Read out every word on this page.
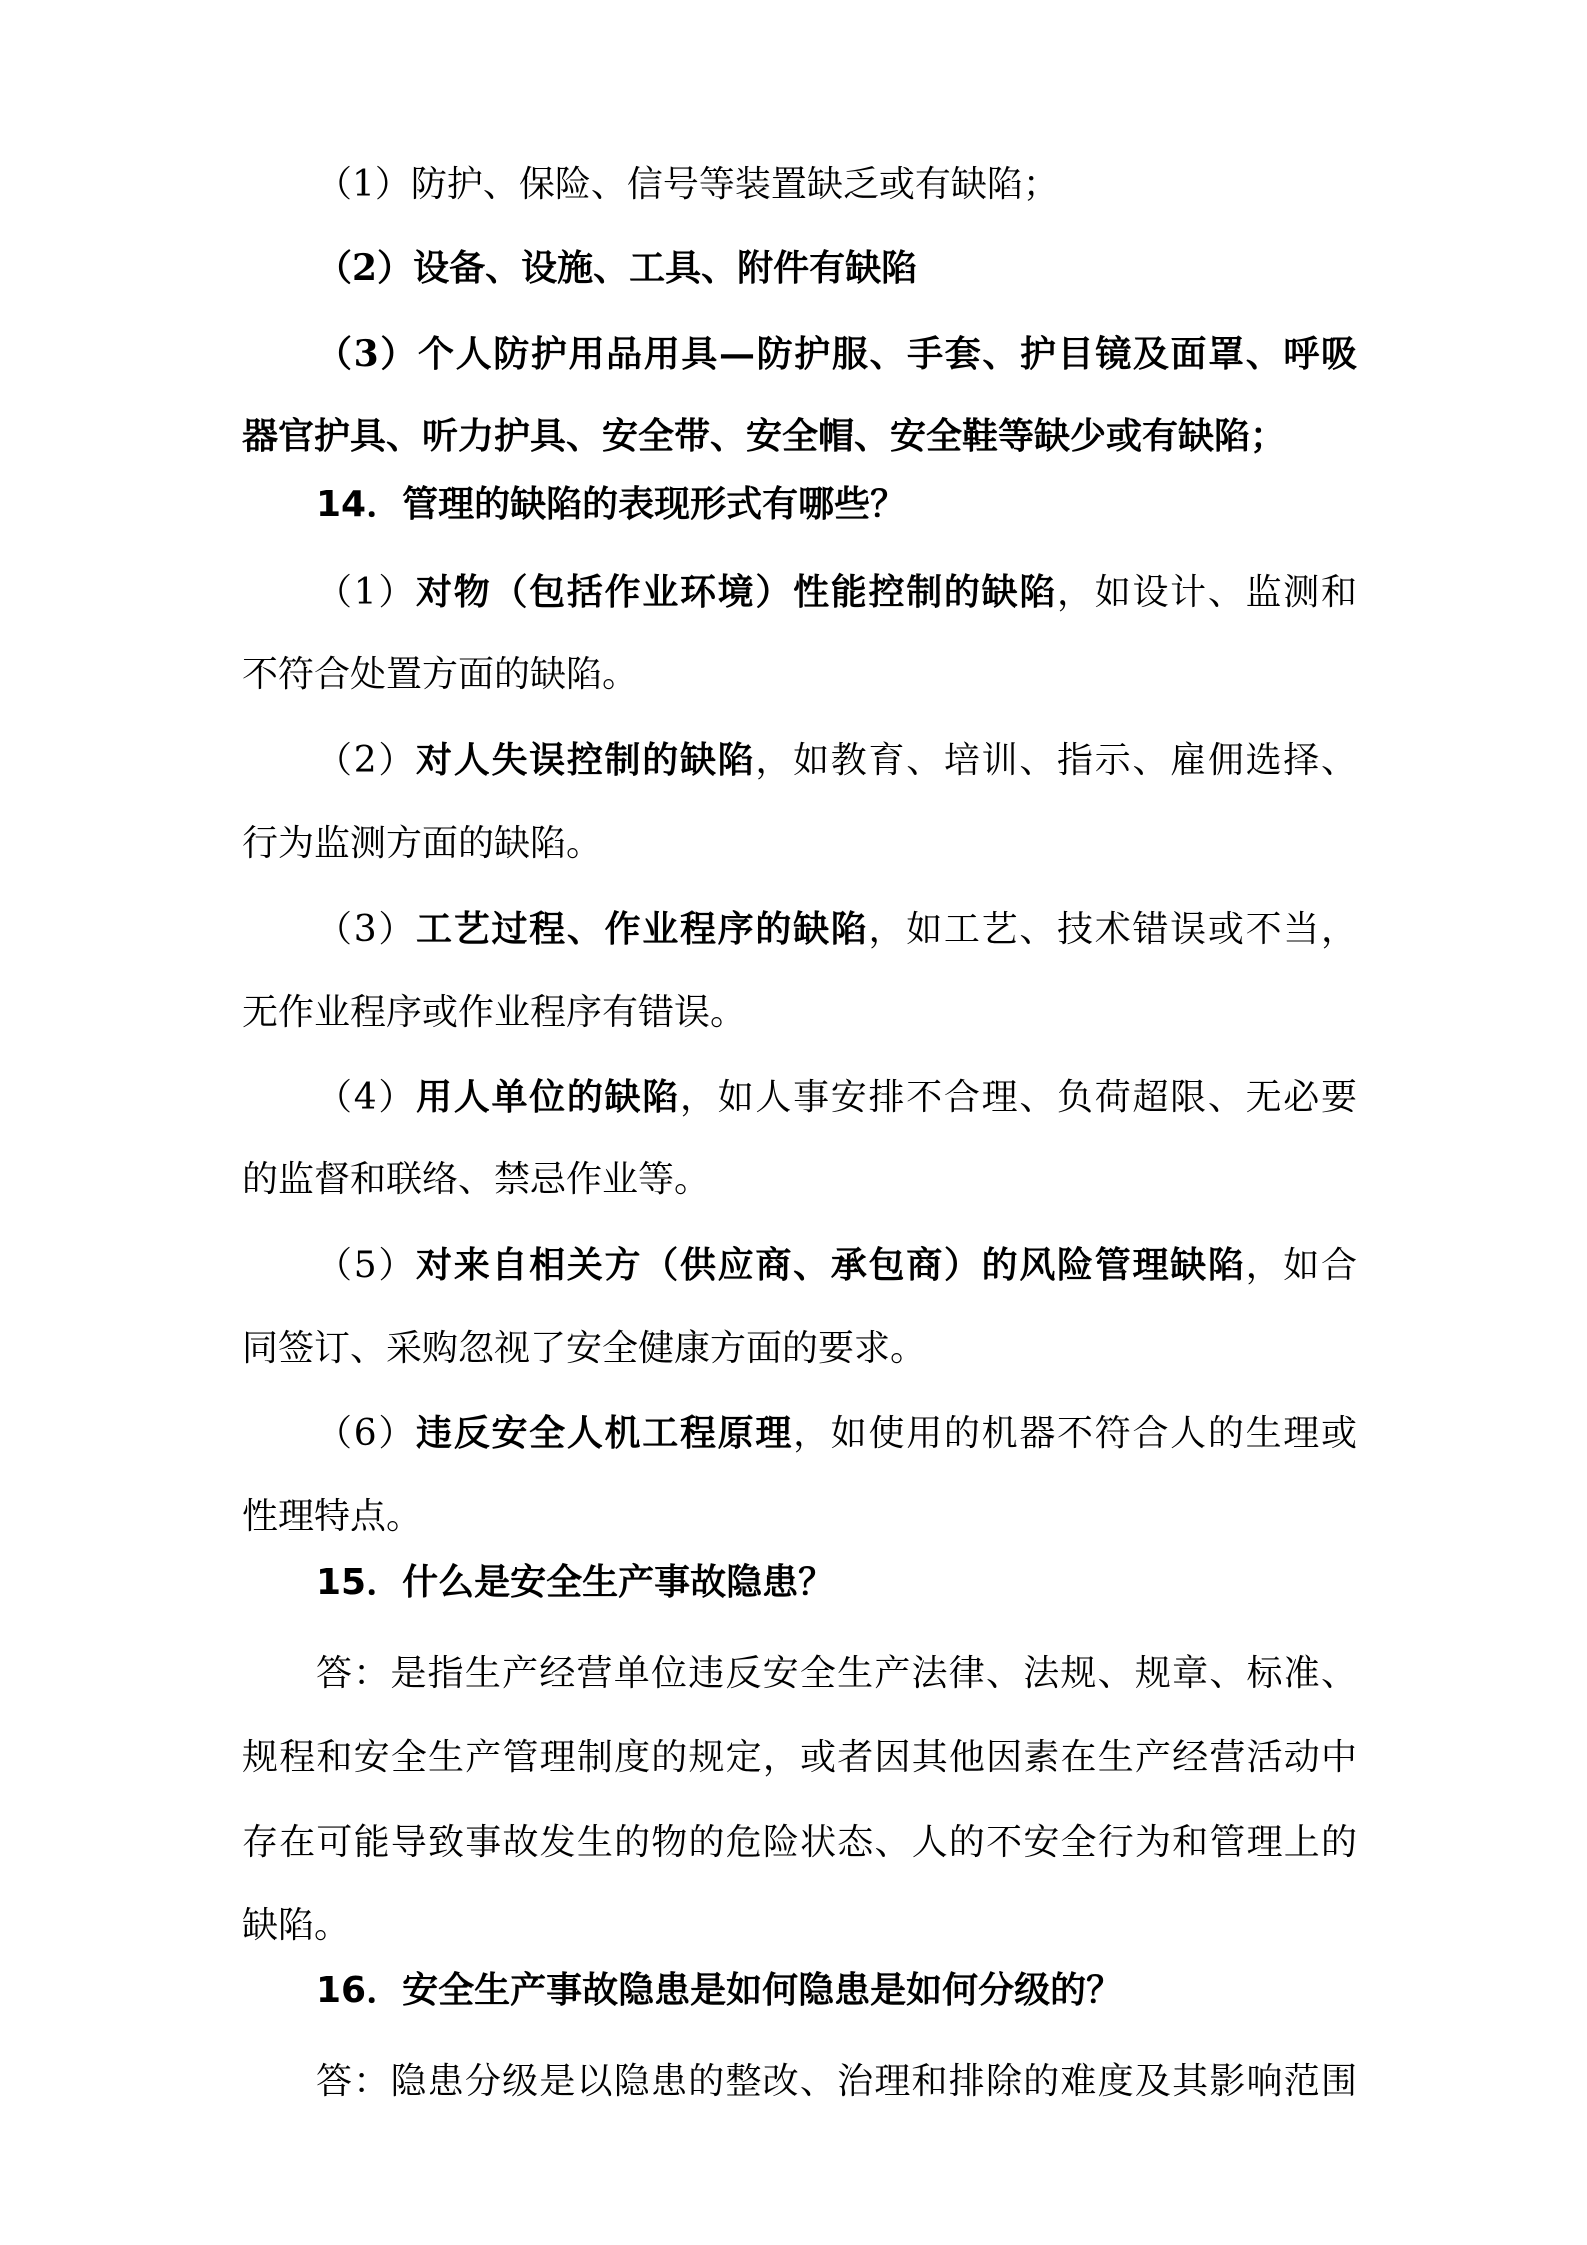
（1）防护、保险、信号等装置缺乏或有缺陷；
（2）设备、设施、工具、附件有缺陷
（3）个人防护用品用具—防护服、手套、护目镜及面罩、呼吸
器官护具、听力护具、安全带、安全帽、安全鞋等缺少或有缺陷；
14．管理的缺陷的表现形式有哪些？
（1）对物（包括作业环境）性能控制的缺陷，如设计、监测和
不符合处置方面的缺陷。
（2）对人失误控制的缺陷，如教育、培训、指示、雇佣选择、
行为监测方面的缺陷。
（3）工艺过程、作业程序的缺陷，如工艺、技术错误或不当，
无作业程序或作业程序有错误。
（4）用人单位的缺陷，如人事安排不合理、负荷超限、无必要
的监督和联络、禁忌作业等。
（5）对来自相关方（供应商、承包商）的风险管理缺陷，如合
同签订、采购忽视了安全健康方面的要求。
（6）违反安全人机工程原理，如使用的机器不符合人的生理或
性理特点。
15．什么是安全生产事故隐患？
答：是指生产经营单位违反安全生产法律、法规、规章、标准、
规程和安全生产管理制度的规定，或者因其他因素在生产经营活动中
存在可能导致事故发生的物的危险状态、人的不安全行为和管理上的
缺陷。
16．安全生产事故隐患是如何隐患是如何分级的？
答：隐患分级是以隐患的整改、治理和排除的难度及其影响范围
